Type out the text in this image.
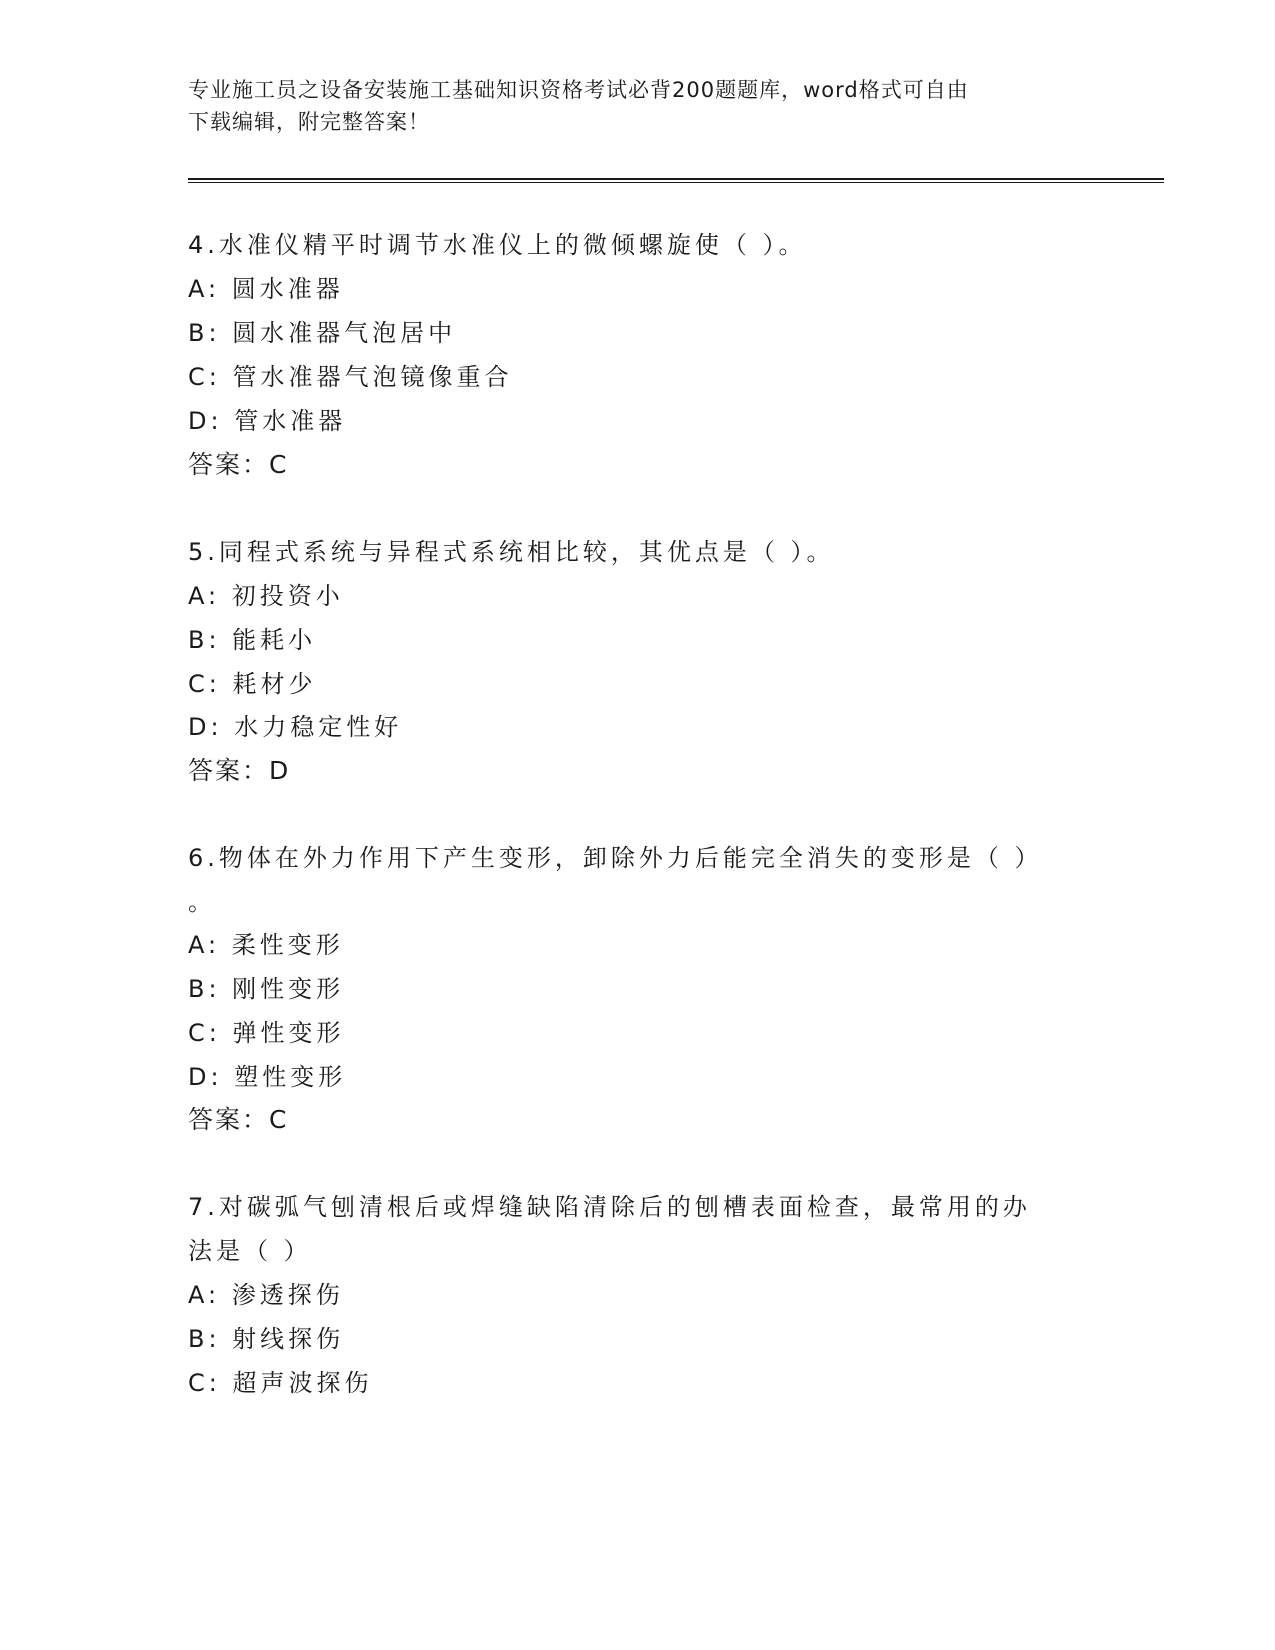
专业施工员之设备安装施工基础知识资格考试必背200题题库，word格式可自由
下载编辑，附完整答案！
4.水准仪精平时调节水准仪上的微倾螺旋使（ ）。
A: 圆水准器
B: 圆水准器气泡居中
C: 管水准器气泡镜像重合
D: 管水准器
答案：C
5.同程式系统与异程式系统相比较，其优点是（ ）。
A: 初投资小
B: 能耗小
C: 耗材少
D: 水力稳定性好
答案：D
6.物体在外力作用下产生变形，卸除外力后能完全消失的变形是（ ）
。
A: 柔性变形
B: 刚性变形
C: 弹性变形
D: 塑性变形
答案：C
7.对碳弧气刨清根后或焊缝缺陷清除后的刨槽表面检查，最常用的办
法是（ ）
A: 渗透探伤
B: 射线探伤
C: 超声波探伤
